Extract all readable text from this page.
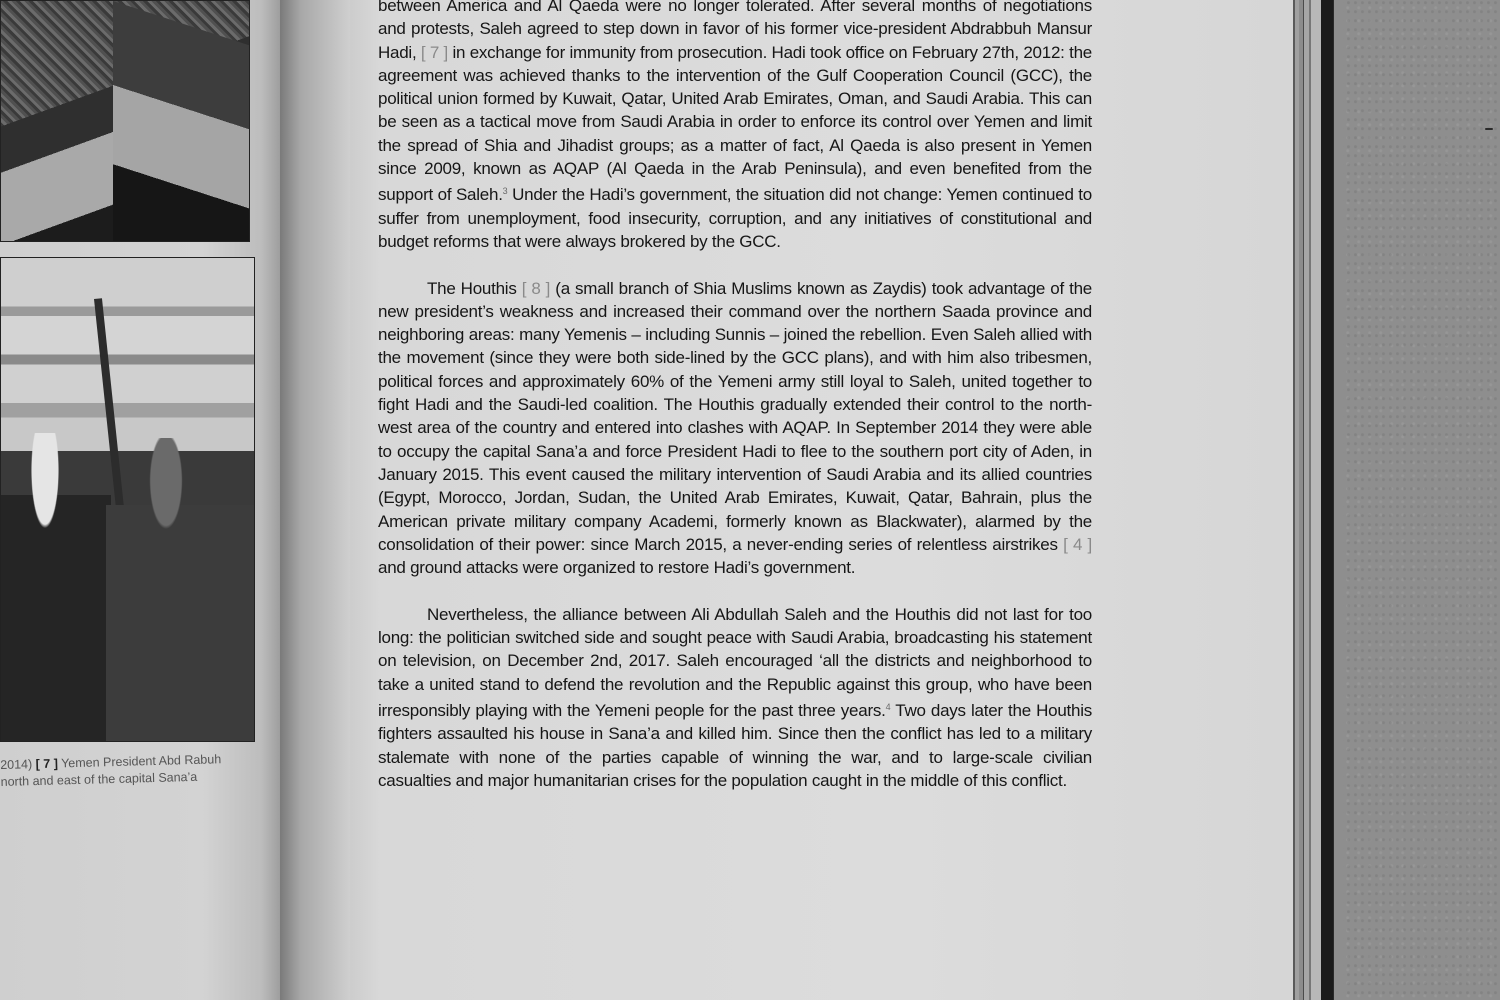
2014) [ 7 ] Yemen President Abd Rabuh
north and east of the capital Sana’a

between America and Al Qaeda were no longer tolerated. After several months of negotiations and protests, Saleh agreed to step down in favor of his former vice-president Abdrabbuh Mansur Hadi, [ 7 ] in exchange for immunity from prosecution. Hadi took office on February 27th, 2012: the agreement was achieved thanks to the intervention of the Gulf Cooperation Council (GCC), the political union formed by Kuwait, Qatar, United Arab Emirates, Oman, and Saudi Arabia. This can be seen as a tactical move from Saudi Arabia in order to enforce its control over Yemen and limit the spread of Shia and Jihadist groups; as a matter of fact, Al Qaeda is also present in Yemen since 2009, known as AQAP (Al Qaeda in the Arab Peninsula), and even benefited from the support of Saleh.$^3$ Under the Hadi’s government, the situation did not change: Yemen continued to suffer from unemployment, food insecurity, corruption, and any initiatives of constitutional and budget reforms that were always brokered by the GCC.

The Houthis [ 8 ] (a small branch of Shia Muslims known as Zaydis) took advantage of the new president’s weakness and increased their command over the northern Saada province and neighboring areas: many Yemenis – including Sunnis – joined the rebellion. Even Saleh allied with the movement (since they were both side-lined by the GCC plans), and with him also tribesmen, political forces and approximately 60% of the Yemeni army still loyal to Saleh, united together to fight Hadi and the Saudi-led coalition. The Houthis gradually extended their control to the north-west area of the country and entered into clashes with AQAP. In September 2014 they were able to occupy the capital Sana’a and force President Hadi to flee to the southern port city of Aden, in January 2015. This event caused the military intervention of Saudi Arabia and its allied countries (Egypt, Morocco, Jordan, Sudan, the United Arab Emirates, Kuwait, Qatar, Bahrain, plus the American private military company Academi, formerly known as Blackwater), alarmed by the consolidation of their power: since March 2015, a never-ending series of relentless airstrikes [ 4 ] and ground attacks were organized to restore Hadi’s government.

Nevertheless, the alliance between Ali Abdullah Saleh and the Houthis did not last for too long: the politician switched side and sought peace with Saudi Arabia, broadcasting his statement on television, on December 2nd, 2017. Saleh encouraged ‘all the districts and neighborhood to take a united stand to defend the revolution and the Republic against this group, who have been irresponsibly playing with the Yemeni people for the past three years.$^4$ Two days later the Houthis fighters assaulted his house in Sana’a and killed him. Since then the conflict has led to a military stalemate with none of the parties capable of winning the war, and to large-scale civilian casualties and major humanitarian crises for the population caught in the middle of this conflict.
